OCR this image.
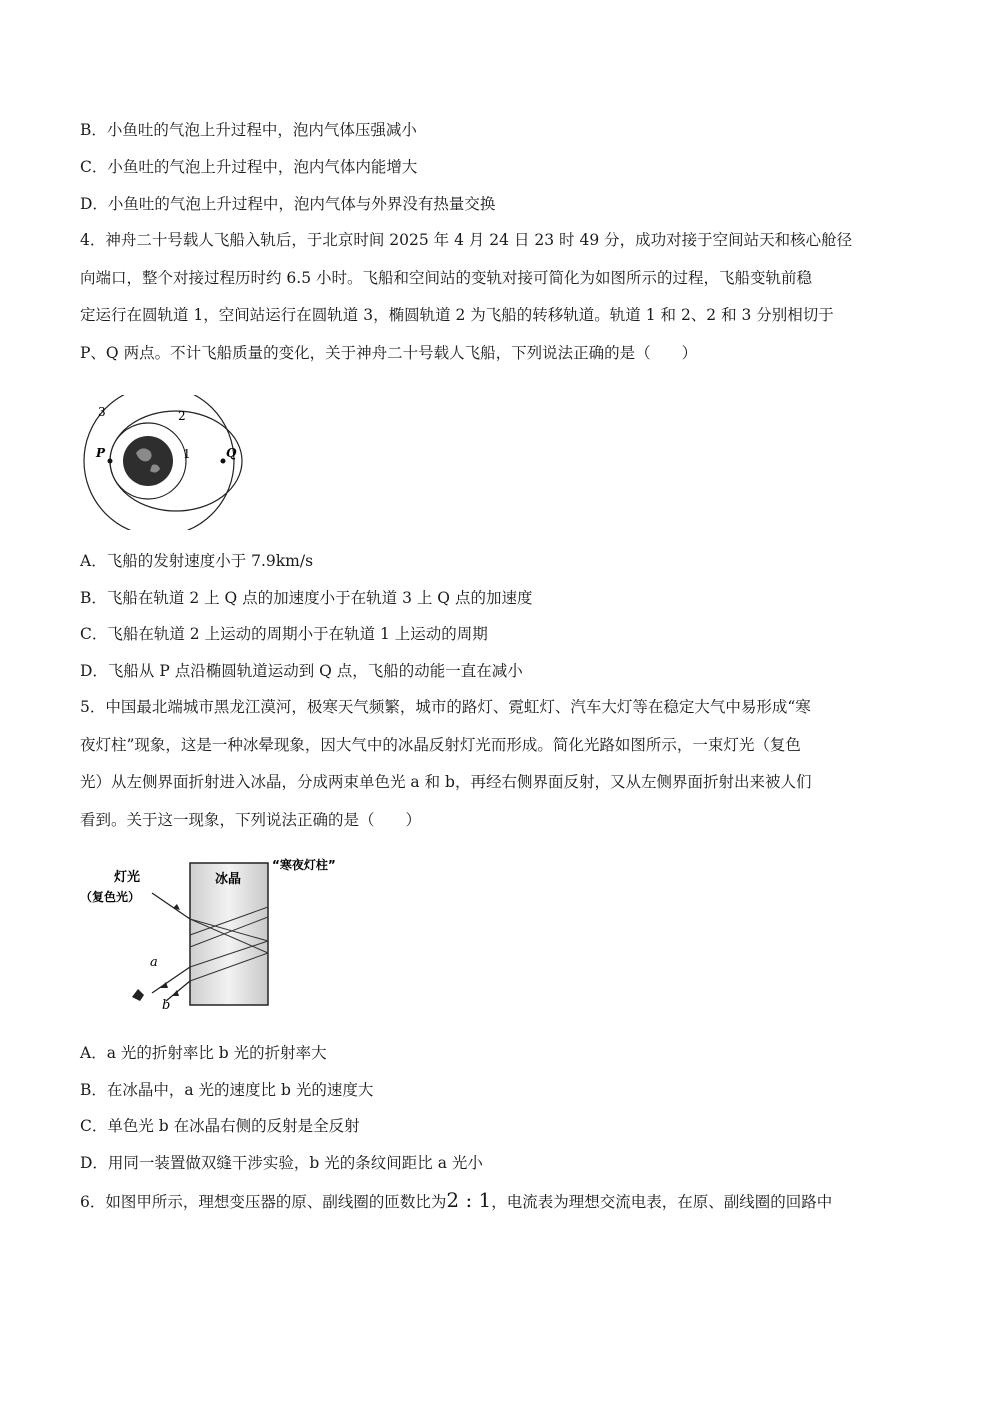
B．小鱼吐的气泡上升过程中，泡内气体压强减小
C．小鱼吐的气泡上升过程中，泡内气体内能增大
D．小鱼吐的气泡上升过程中，泡内气体与外界没有热量交换
4．神舟二十号载人飞船入轨后，于北京时间 2025 年 4 月 24 日 23 时 49 分，成功对接于空间站天和核心舱径
向端口，整个对接过程历时约 6.5 小时。飞船和空间站的变轨对接可简化为如图所示的过程，飞船变轨前稳
定运行在圆轨道 1，空间站运行在圆轨道 3，椭圆轨道 2 为飞船的转移轨道。轨道 1 和 2、2 和 3 分别相切于
P、Q 两点。不计飞船质量的变化，关于神舟二十号载人飞船，下列说法正确的是（　　）
3	2
1
P	Q
A．飞船的发射速度小于 7.9km/s
B．飞船在轨道 2 上 Q 点的加速度小于在轨道 3 上 Q 点的加速度
C．飞船在轨道 2 上运动的周期小于在轨道 1 上运动的周期
D．飞船从 P 点沿椭圆轨道运动到 Q 点，飞船的动能一直在减小
5．中国最北端城市黑龙江漠河，极寒天气频繁，城市的路灯、霓虹灯、汽车大灯等在稳定大气中易形成“寒
夜灯柱”现象，这是一种冰晕现象，因大气中的冰晶反射灯光而形成。简化光路如图所示，一束灯光（复色
光）从左侧界面折射进入冰晶，分成两束单色光 a 和 b，再经右侧界面反射，又从左侧界面折射出来被人们
看到。关于这一现象，下列说法正确的是（　　）
灯光
（复色光）
冰晶
“寒夜灯柱”
a
b
A．a 光的折射率比 b 光的折射率大
B．在冰晶中，a 光的速度比 b 光的速度大
C．单色光 b 在冰晶右侧的反射是全反射
D．用同一装置做双缝干涉实验，b 光的条纹间距比 a 光小
6．如图甲所示，理想变压器的原、副线圈的匝数比为2 : 1，电流表为理想交流电表，在原、副线圈的回路中
